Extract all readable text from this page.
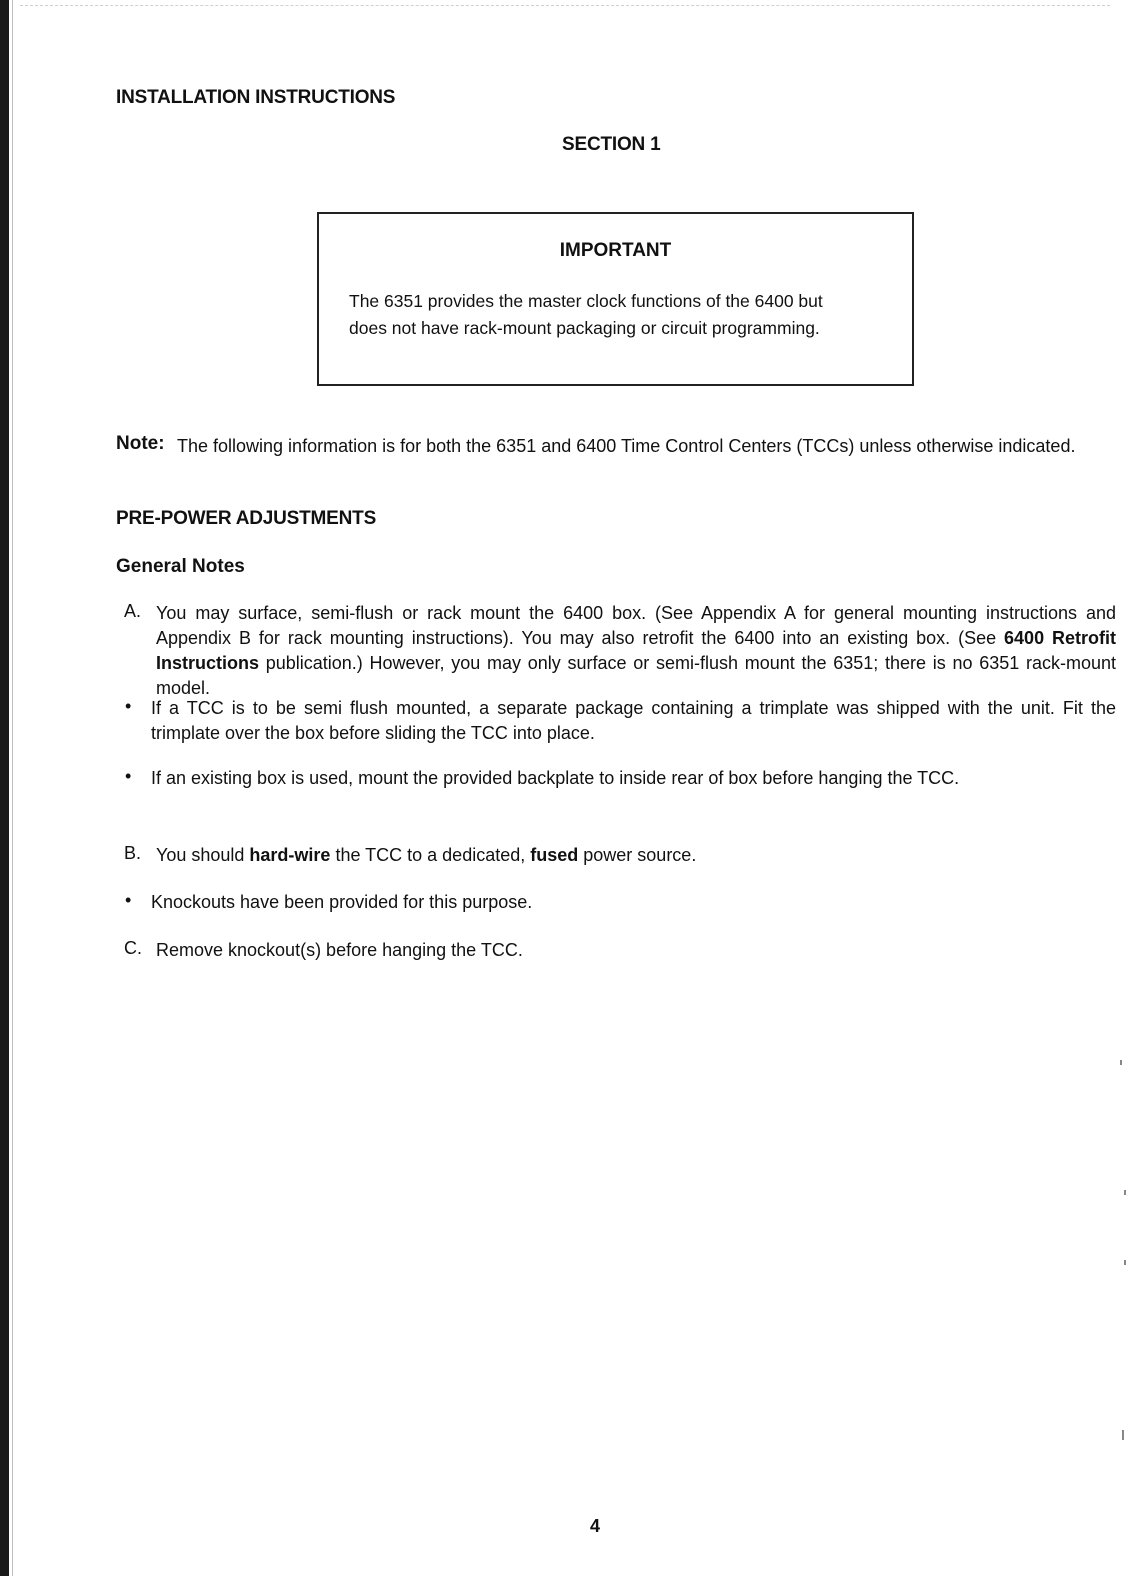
INSTALLATION INSTRUCTIONS
SECTION 1
IMPORTANT
The 6351 provides the master clock functions of the 6400 but
does not have rack-mount packaging or circuit programming.
Note: The following information is for both the 6351 and 6400 Time Control Centers (TCCs) unless otherwise indicated.
PRE-POWER ADJUSTMENTS
General Notes
A. You may surface, semi-flush or rack mount the 6400 box. (See Appendix A for general mounting instructions and Appendix B for rack mounting instructions). You may also retrofit the 6400 into an existing box. (See 6400 Retrofit Instructions publication.) However, you may only surface or semi-flush mount the 6351; there is no 6351 rack-mount model.
• If a TCC is to be semi flush mounted, a separate package containing a trimplate was shipped with the unit. Fit the trimplate over the box before sliding the TCC into place.
• If an existing box is used, mount the provided backplate to inside rear of box before hanging the TCC.
B. You should hard-wire the TCC to a dedicated, fused power source.
• Knockouts have been provided for this purpose.
C. Remove knockout(s) before hanging the TCC.
4
